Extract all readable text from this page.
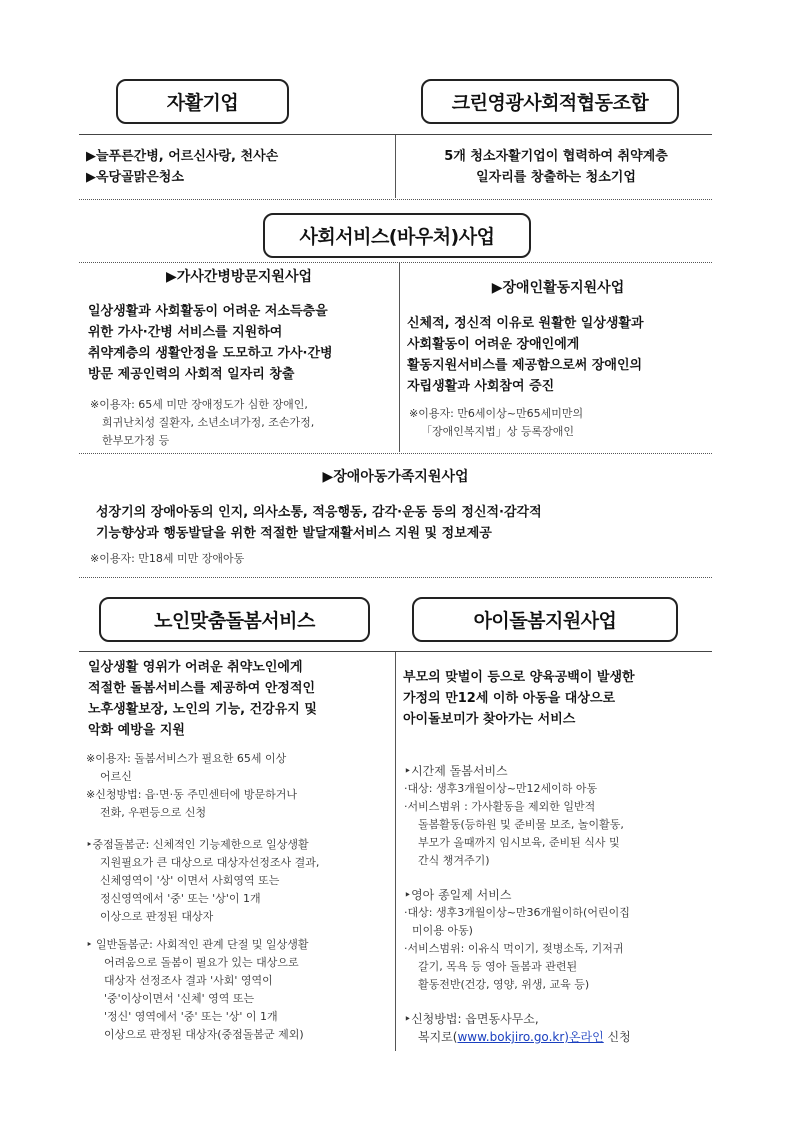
자활기업	크린영광사회적협동조합
▶늘푸른간병, 어르신사랑, 천사손
▶옥당골맑은청소
5개 청소자활기업이 협력하여 취약계층
일자리를 창출하는 청소기업
사회서비스(바우처)사업
▶가사간병방문지원사업
일상생활과 사회활동이 어려운 저소득층을
위한 가사·간병 서비스를 지원하여
취약계층의 생활안정을 도모하고 가사·간병
방문 제공인력의 사회적 일자리 창출
※이용자: 65세 미만 장애정도가 심한 장애인,
희귀난치성 질환자, 소년소녀가정, 조손가정,
한부모가정 등
▶장애인활동지원사업
신체적, 정신적 이유로 원활한 일상생활과
사회활동이 어려운 장애인에게
활동지원서비스를 제공함으로써 장애인의
자립생활과 사회참여 증진
※이용자: 만6세이상~만65세미만의
「장애인복지법」상 등록장애인
▶장애아동가족지원사업
성장기의 장애아동의 인지, 의사소통, 적응행동, 감각·운동 등의 정신적·감각적
기능향상과 행동발달을 위한 적절한 발달재활서비스 지원 및 정보제공
※이용자: 만18세 미만 장애아동
노인맞춤돌봄서비스	아이돌봄지원사업
일상생활 영위가 어려운 취약노인에게
적절한 돌봄서비스를 제공하여 안정적인
노후생활보장, 노인의 기능, 건강유지 및
악화 예방을 지원
※이용자: 돌봄서비스가 필요한 65세 이상
어르신
※신청방법: 읍·면·동 주민센터에 방문하거나
전화, 우편등으로 신청
‣중점돌봄군: 신체적인 기능제한으로 일상생활
지원필요가 큰 대상으로 대상자선정조사 결과,
신체영역이 '상' 이면서 사회영역 또는
정신영역에서 '중' 또는 '상'이 1개
이상으로 판정된 대상자
‣ 일반돌봄군: 사회적인 관계 단절 및 일상생활
어려움으로 돌봄이 필요가 있는 대상으로
대상자 선정조사 결과 '사회' 영역이
'중'이상이면서 '신체' 영역 또는
'정신' 영역에서 '중' 또는 '상' 이 1개
이상으로 판정된 대상자(중점돌봄군 제외)
부모의 맞벌이 등으로 양육공백이 발생한
가정의 만12세 이하 아동을 대상으로
아이돌보미가 찾아가는 서비스
‣시간제 돌봄서비스
·대상: 생후3개월이상~만12세이하 아동
·서비스범위 : 가사활동을 제외한 일반적
돌봄활동(등하원 및 준비물 보조, 놀이활동,
부모가 올때까지 임시보육, 준비된 식사 및
간식 챙겨주기)
‣영아 종일제 서비스
·대상: 생후3개월이상~만36개월이하(어린이집
미이용 아동)
·서비스범위: 이유식 먹이기, 젖병소독, 기저귀
갈기, 목욕 등 영아 돌봄과 관련된
활동전반(건강, 영양, 위생, 교육 등)
‣신청방법: 읍면동사무소,
복지로(www.bokjiro.go.kr)온라인 신청
